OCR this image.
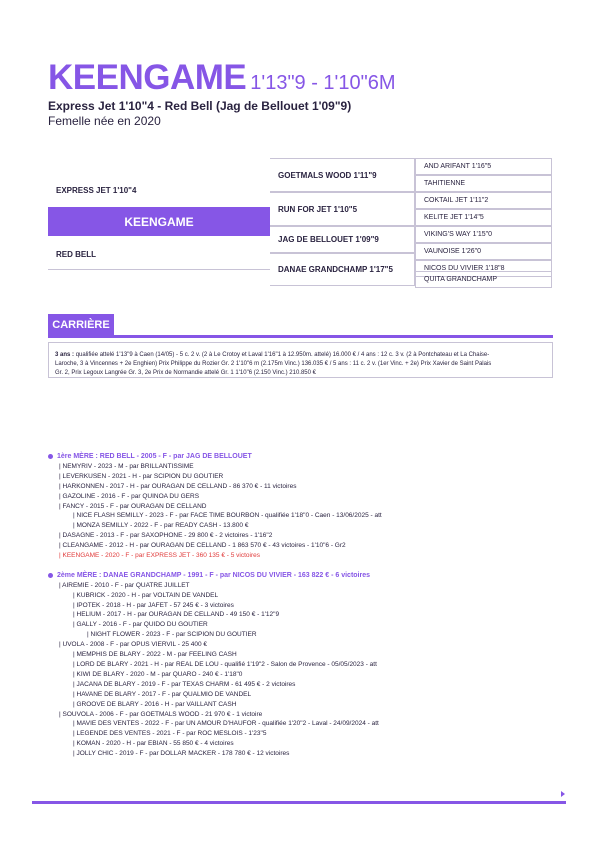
KEENGAME 1'13"9 - 1'10"6M
Express Jet 1'10"4 - Red Bell (Jag de Bellouet 1'09"9)
Femelle née en 2020
EXPRESS JET 1'10"4
KEENGAME
RED BELL
GOETMALS WOOD 1'11"9
RUN FOR JET 1'10"5
JAG DE BELLOUET 1'09"9
DANAE GRANDCHAMP 1'17"5
AND ARIFANT 1'16"5
TAHITIENNE
COKTAIL JET 1'11"2
KELITE JET 1'14"5
VIKING'S WAY 1'15"0
VAUNOISE 1'26"0
NICOS DU VIVIER 1'18"8
QUITA GRANDCHAMP
CARRIÈRE
3 ans : qualifiée attelé 1'13"9 à Caen (14/05) - 5 c. 2 v. (2 à Le Crotoy et Laval 1'16"1 à 12.950m. attelé) 16.000 € / 4 ans : 12 c. 3 v. (2 à Pontchateau et La Chaise-
Laroche, 3 à Vincennes + 2e Enghien) Prix Philippe du Rozier Gr. 2 1'10"6 m (2.175m Vinc.) 136.035 € / 5 ans : 11 c. 2 v. (1er Vinc. + 2e) Prix Xavier de Saint Palais
Gr. 2, Prix Legoux Langrée Gr. 3, 2e Prix de Normandie attelé Gr. 1 1'10"6 (2.150 Vinc.) 210.850 €
1ère MÈRE : RED BELL - 2005 - F - par JAG DE BELLOUET
| NEMYRIV - 2023 - M - par BRILLANTISSIME
| LEVERKUSEN - 2021 - H - par SCIPION DU GOUTIER
| HARKONNEN - 2017 - H - par OURAGAN DE CELLAND - 86 370 € - 11 victoires
| GAZOLINE - 2016 - F - par QUINOA DU GERS
| FANCY - 2015 - F - par OURAGAN DE CELLAND
| NICE FLASH SEMILLY - 2023 - F - par FACE TIME BOURBON - qualifiée 1'18"0 - Caen - 13/06/2025 - att
| MONZA SEMILLY - 2022 - F - par READY CASH - 13.800 €
| DASAGNE - 2013 - F - par SAXOPHONE - 29 800 € - 2 victoires - 1'16"2
| CLEANGAME - 2012 - H - par OURAGAN DE CELLAND - 1 863 570 € - 43 victoires - 1'10"6 - Gr2
| KEENGAME - 2020 - F - par EXPRESS JET - 360 135 € - 5 victoires
2ème MÈRE : DANAE GRANDCHAMP - 1991 - F - par NICOS DU VIVIER - 163 822 € - 6 victoires
| AIREMIE - 2010 - F - par QUATRE JUILLET
| KUBRICK - 2020 - H - par VOLTAIN DE VANDEL
| IPOTEK - 2018 - H - par JAFET - 57 245 € - 3 victoires
| HELIUM - 2017 - H - par OURAGAN DE CELLAND - 49 150 € - 1'12"9
| GALLY - 2016 - F - par QUIDO DU GOUTIER
| NIGHT FLOWER - 2023 - F - par SCIPION DU GOUTIER
| UVOLA - 2008 - F - par OPUS VIERVIL - 25 400 €
| MEMPHIS DE BLARY - 2022 - M - par FEELING CASH
| LORD DE BLARY - 2021 - H - par REAL DE LOU - qualifié 1'19"2 - Salon de Provence - 05/05/2023 - att
| KIWI DE BLARY - 2020 - M - par QUARO - 240 € - 1'18"0
| JACANA DE BLARY - 2019 - F - par TEXAS CHARM - 61 495 € - 2 victoires
| HAVANE DE BLARY - 2017 - F - par QUALMIO DE VANDEL
| GROOVE DE BLARY - 2016 - H - par VAILLANT CASH
| SOUVOLA - 2006 - F - par GOETMALS WOOD - 21 970 € - 1 victoire
| MAVIE DES VENTES - 2022 - F - par UN AMOUR D'HAUFOR - qualifiée 1'20"2 - Laval - 24/09/2024 - att
| LEGENDE DES VENTES - 2021 - F - par ROC MESLOIS - 1'23"5
| KOMAN - 2020 - H - par EBIAN - 55 850 € - 4 victoires
| JOLLY CHIC - 2019 - F - par DOLLAR MACKER - 178 780 € - 12 victoires
